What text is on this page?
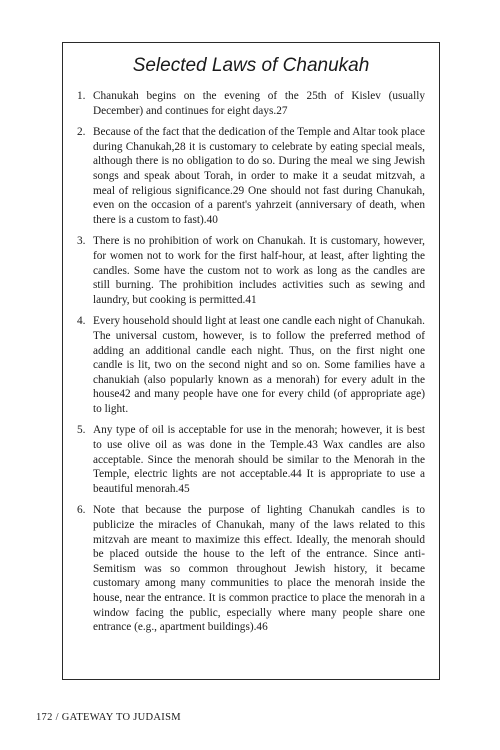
Selected Laws of Chanukah
1. Chanukah begins on the evening of the 25th of Kislev (usually December) and continues for eight days.27
2. Because of the fact that the dedication of the Temple and Altar took place during Chanukah,28 it is customary to celebrate by eating special meals, although there is no obligation to do so. During the meal we sing Jewish songs and speak about Torah, in order to make it a seudat mitzvah, a meal of religious significance.29 One should not fast during Chanukah, even on the occasion of a parent's yahrzeit (anniversary of death, when there is a custom to fast).40
3. There is no prohibition of work on Chanukah. It is customary, however, for women not to work for the first half-hour, at least, after lighting the candles. Some have the custom not to work as long as the candles are still burning. The prohibition includes activities such as sewing and laundry, but cooking is permitted.41
4. Every household should light at least one candle each night of Chanukah. The universal custom, however, is to follow the preferred method of adding an additional candle each night. Thus, on the first night one candle is lit, two on the second night and so on. Some families have a chanukiah (also popularly known as a menorah) for every adult in the house42 and many people have one for every child (of appropriate age) to light.
5. Any type of oil is acceptable for use in the menorah; however, it is best to use olive oil as was done in the Temple.43 Wax candles are also acceptable. Since the menorah should be similar to the Menorah in the Temple, electric lights are not acceptable.44 It is appropriate to use a beautiful menorah.45
6. Note that because the purpose of lighting Chanukah candles is to publicize the miracles of Chanukah, many of the laws related to this mitzvah are meant to maximize this effect. Ideally, the menorah should be placed outside the house to the left of the entrance. Since anti-Semitism was so common throughout Jewish history, it became customary among many communities to place the menorah inside the house, near the entrance. It is common practice to place the menorah in a window facing the public, especially where many people share one entrance (e.g., apartment buildings).46
172 / GATEWAY TO JUDAISM
